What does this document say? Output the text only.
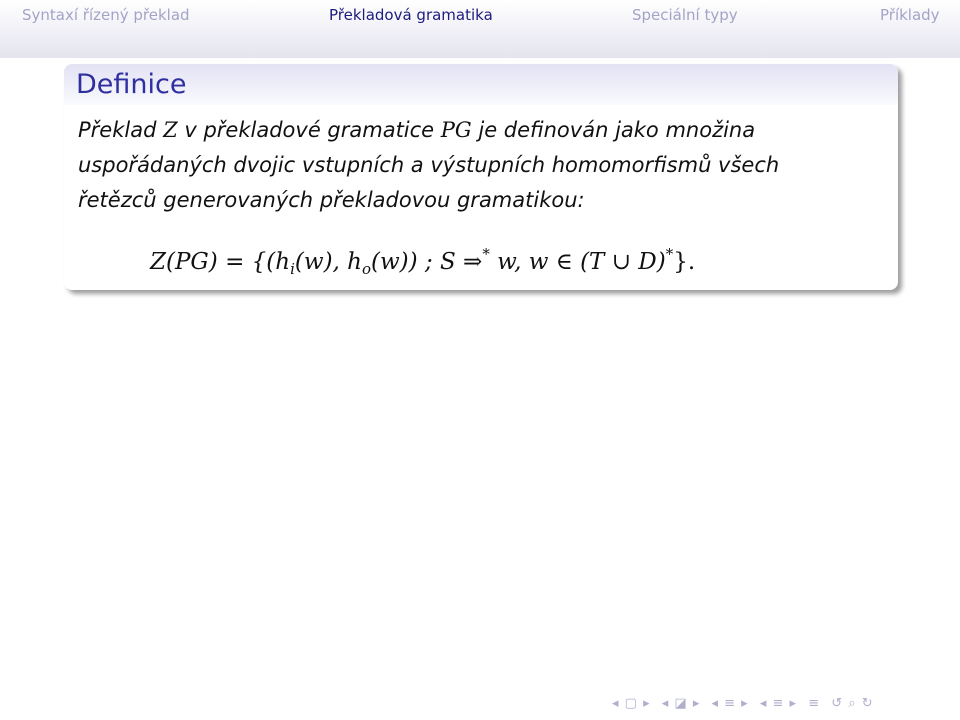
Syntaxí řízený překlad	Překladová gramatika	Speciální typy	Příklady
Definice
Překlad Z v překladové gramatice PG je definován jako množina
uspořádaných dvojic vstupních a výstupních homomorfismů všech
řetězců generovaných překladovou gramatikou:
$Z(PG) = \{(h_i(w)$, $h_o(w)$) ; S ⇒* w, w ∈ (T ∪ D)*}.
◂ ▢ ▸ ◂ ◪ ▸ ◂ ≡ ▸ ◂ ≡ ▸ ≡ ↺ ⌕ ↻
